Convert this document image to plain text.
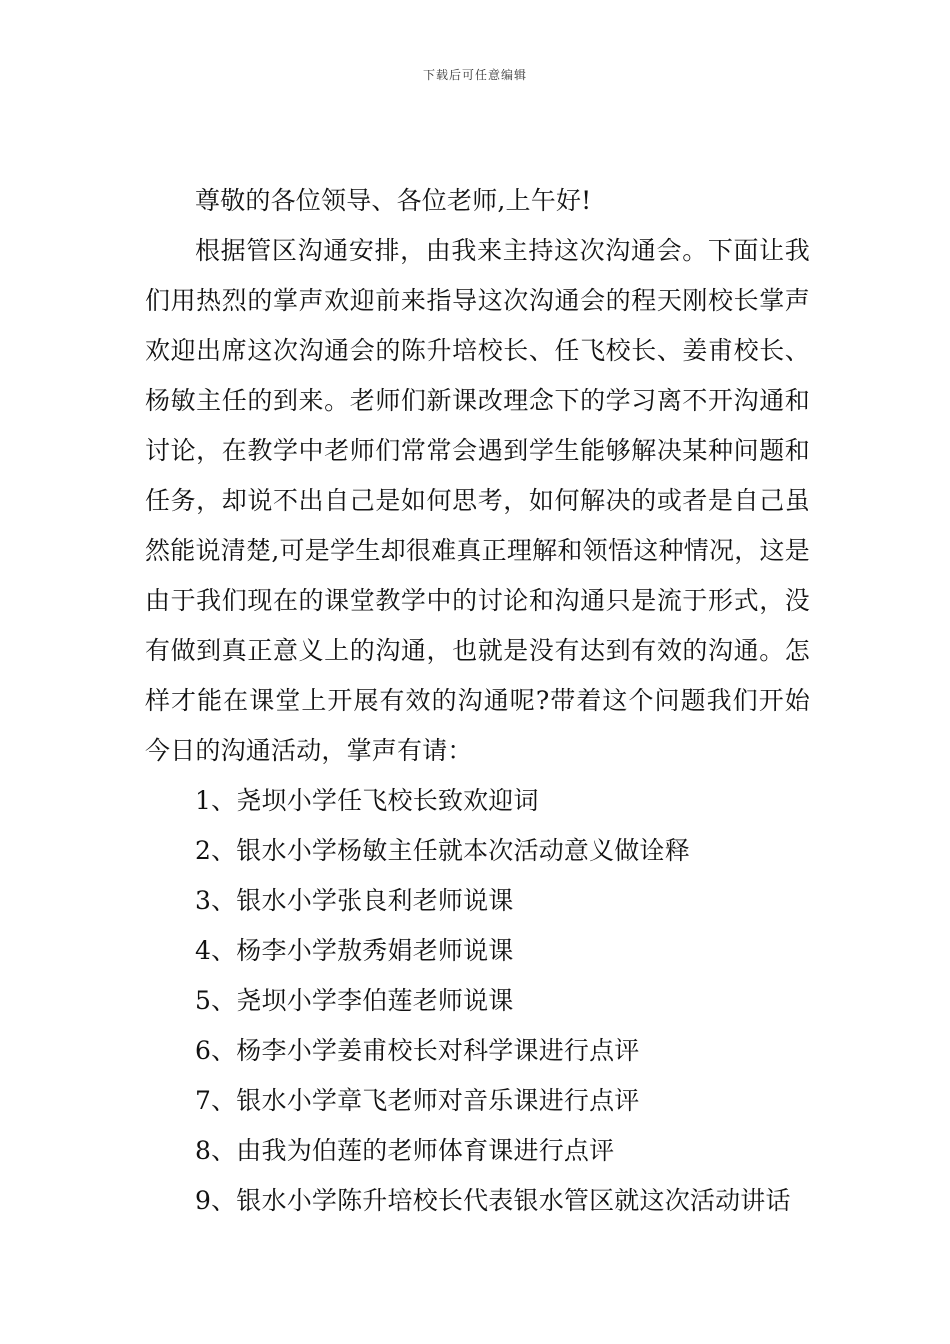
下载后可任意编辑

尊敬的各位领导、各位老师,上午好!

根据管区沟通安排，由我来主持这次沟通会。下面让我们用热烈的掌声欢迎前来指导这次沟通会的程天刚校长掌声欢迎出席这次沟通会的陈升培校长、任飞校长、姜甫校长、杨敏主任的到来。老师们新课改理念下的学习离不开沟通和讨论，在教学中老师们常常会遇到学生能够解决某种问题和任务，却说不出自己是如何思考，如何解决的或者是自己虽然能说清楚,可是学生却很难真正理解和领悟这种情况，这是由于我们现在的课堂教学中的讨论和沟通只是流于形式，没有做到真正意义上的沟通，也就是没有达到有效的沟通。怎样才能在课堂上开展有效的沟通呢?带着这个问题我们开始今日的沟通活动，掌声有请：

1、尧坝小学任飞校长致欢迎词
2、银水小学杨敏主任就本次活动意义做诠释
3、银水小学张良利老师说课
4、杨李小学敖秀娟老师说课
5、尧坝小学李伯莲老师说课
6、杨李小学姜甫校长对科学课进行点评
7、银水小学章飞老师对音乐课进行点评
8、由我为伯莲的老师体育课进行点评
9、银水小学陈升培校长代表银水管区就这次活动讲话
